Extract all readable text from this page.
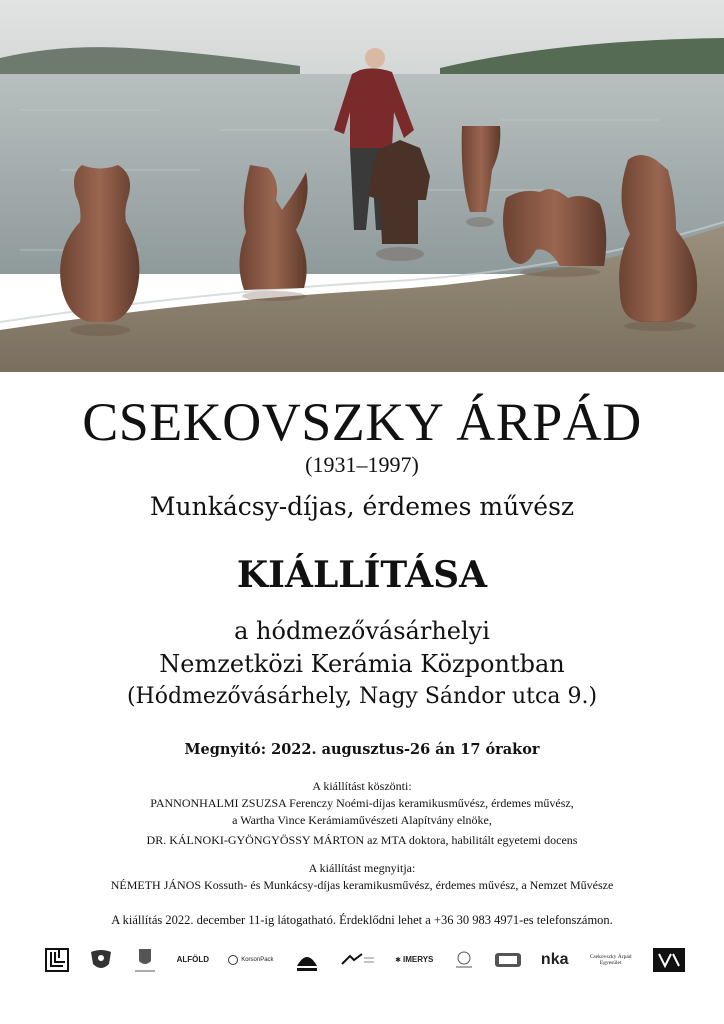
CSEKOVSZKY ÁRPÁD
(1931–1997)
Munkácsy-díjas, érdemes művész
KIÁLLÍTÁSA
a hódmezővásárhelyi
Nemzetközi Kerámia Központban
(Hódmezővásárhely, Nagy Sándor utca 9.)
Megnyitó: 2022. augusztus-26 án 17 órakor
A kiállítást köszönti:
PANNONHALMI ZSUZSA Ferenczy Noémi-díjas keramikusművész, érdemes művész,
a Wartha Vince Kerámiaművészeti Alapítvány elnöke,
DR. KÁLNOKI-GYÖNGYÖSSY MÁRTON az MTA doktora, habilitált egyetemi docens
A kiállítást megnyitja:
NÉMETH JÁNOS Kossuth- és Munkácsy-díjas keramikusművész, érdemes művész, a Nemzet Művésze
A kiállítás 2022. december 11-ig látogatható. Érdeklődni lehet a +36 30 983 4971-es telefonszámon.
ALFÖLD	KorsonPack	✱ IMERYS	nka	Csekovszky Árpád Egyesület
